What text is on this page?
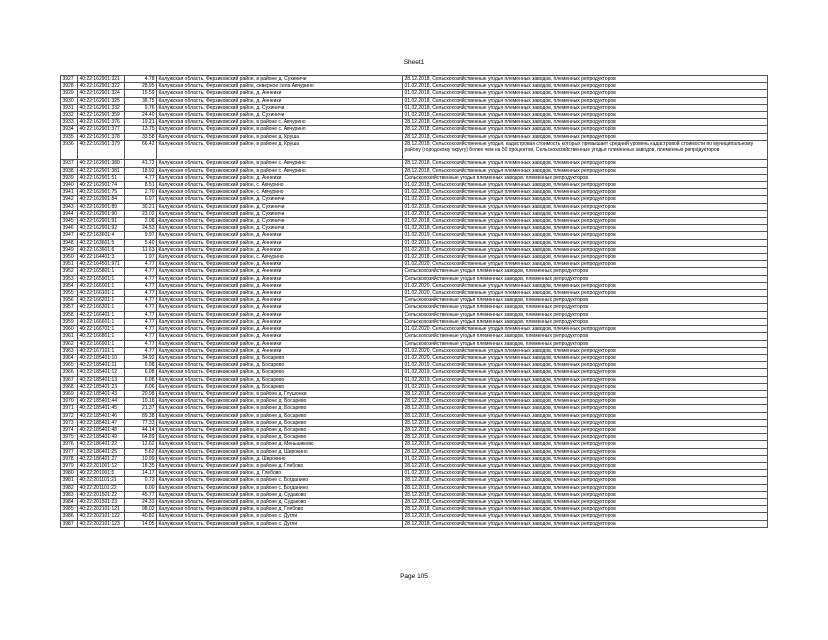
Sheet1
3927	40:22:162901:321	4.78	Калужская область, Ферзиковский район, в районе д. Сухиничи	28.12.2018, Сельскохозяйственные угодья племенных заводов, племенных репродукторов
3928	40:22:162901:322	28.95	Калужская область, Ферзиковский район, северное села Авчурино	01.02.2018, Сельскохозяйственные угодья племенных заводов, племенных репродукторов
3929	40:22:162901:324	15.59	Калужская область, Ферзиковский район, д. Аннеики	01.02.2018, Сельскохозяйственные угодья племенных заводов, племенных репродукторов
3930	40:22:162901:325	38.75	Калужская область, Ферзиковский район, д. Аннеики	01.02.2018, Сельскохозяйственные угодья племенных заводов, племенных репродукторов
3931	40:22:162901:332	9.76	Калужская область, Ферзиковский район, д. Сухиничи	01.02.2018, Сельскохозяйственные угодья племенных заводов, племенных репродукторов
3932	40:22:162901:359	24.40	Калужская область, Ферзиковский район, д. Сухиничи	01.02.2018, Сельскохозяйственные угодья племенных заводов, племенных репродукторов
3933	40:22:162901:376	19.21	Калужская область, Ферзиковский район, в районе с. Авчурино	28.12.2018, Сельскохозяйственные угодья племенных заводов, племенных репродукторов
3934	40:22:162901:377	13.75	Калужская область, Ферзиковский район, в районе с. Авчурино	28.12.2018, Сельскохозяйственные угодья племенных заводов, племенных репродукторов
3935	40:22:162901:378	33.58	Калужская область, Ферзиковский район, в районе д. Круша	28.12.2018, Сельскохозяйственные угодья племенных заводов, племенных репродукторов
3936	40:22:162901:379	66.42	Калужская область, Ферзиковский район, в районе д. Круша	28.12.2018, Сельскохозяйственные угодья, кадастровая стоимость которых превышает средний уровень кадастровой стоимости по муниципальному району (городскому округу) более чем на 50 процентов, Сельскохозяйственные угодья племенных заводов, племенных репродукторов
3937	40:22:162901:380	41.73	Калужская область, Ферзиковский район, в районе с. Авчурино	28.12.2018, Сельскохозяйственные угодья племенных заводов, племенных репродукторов
3938	40:22:162901:381	18.92	Калужская область, Ферзиковский район, в районе с. Авчурино	28.12.2018, Сельскохозяйственные угодья племенных заводов, племенных репродукторов
3939	40:22:162901:51	4.77	Калужская область, Ферзиковский район, д. Аннеики	Сельскохозяйственные угодья племенных заводов, племенных репродукторов
3940	40:22:162901:74	8.51	Калужская область, Ферзиковский район, с. Авчурино	01.02.2018, Сельскохозяйственные угодья племенных заводов, племенных репродукторов
3941	40:22:162901:75	2.70	Калужская область, Ферзиковский район, с. Авчурино	01.02.2018, Сельскохозяйственные угодья племенных заводов, племенных репродукторов
3942	40:22:162901:84	6.97	Калужская область, Ферзиковский район, д. Сухиничи	01.02.2019, Сельскохозяйственные угодья племенных заводов, племенных репродукторов
3943	40:22:162901:89	30.21	Калужская область, Ферзиковский район, д. Сухиничи	01.02.2018, Сельскохозяйственные угодья племенных заводов, племенных репродукторов
3944	40:22:162901:90	23.02	Калужская область, Ферзиковский район, д. Сухиничи	01.02.2018, Сельскохозяйственные угодья племенных заводов, племенных репродукторов
3945	40:22:162901:91	2.08	Калужская область, Ферзиковский район, д. Сухиничи	01.02.2018, Сельскохозяйственные угодья племенных заводов, племенных репродукторов
3946	40:22:162901:92	24.53	Калужская область, Ферзиковский район, д. Сухиничи	01.02.2018, Сельскохозяйственные угодья племенных заводов, племенных репродукторов
3947	40:22:163601:4	9.97	Калужская область, Ферзиковский район, д. Аннеики	01.02.2019, Сельскохозяйственные угодья племенных заводов, племенных репродукторов
3948	40:22:163601:5	5.40	Калужская область, Ферзиковский район, д. Аннеики	01.02.2019, Сельскохозяйственные угодья племенных заводов, племенных репродукторов
3949	40:22:163601:6	11.63	Калужская область, Ферзиковский район, д. Аннеики	01.02.2019, Сельскохозяйственные угодья племенных заводов, племенных репродукторов
3950	40:22:164401:3	1.97	Калужская область, Ферзиковский район, с. Авчурино	01.02.2018, Сельскохозяйственные угодья племенных заводов, племенных репродукторов
3951	40:22:164501:971	4.77	Калужская область, Ферзиковский район, д. Аннеики	01.02.2020, Сельскохозяйственные угодья племенных заводов, племенных репродукторов
3952	40:22:165801:1	4.77	Калужская область, Ферзиковский район, д. Аннеики	Сельскохозяйственные угодья племенных заводов, племенных репродукторов
3953	40:22:165901:1	4.77	Калужская область, Ферзиковский район, д. Аннеики	Сельскохозяйственные угодья племенных заводов, племенных репродукторов
3954	40:22:166001:1	4.77	Калужская область, Ферзиковский район, д. Аннеики	01.02.2020, Сельскохозяйственные угодья племенных заводов, племенных репродукторов
3955	40:22:166101:1	4.77	Калужская область, Ферзиковский район, д. Аннеики	01.02.2020, Сельскохозяйственные угодья племенных заводов, племенных репродукторов
3956	40:22:166201:1	4.77	Калужская область, Ферзиковский район, д. Аннеики	Сельскохозяйственные угодья племенных заводов, племенных репродукторов
3957	40:22:166301:1	4.77	Калужская область, Ферзиковский район, д. Аннеики	Сельскохозяйственные угодья племенных заводов, племенных репродукторов
3958	40:22:166401:1	4.77	Калужская область, Ферзиковский район, д. Аннеики	Сельскохозяйственные угодья племенных заводов, племенных репродукторов
3959	40:22:166601:1	4.77	Калужская область, Ферзиковский район, д. Аннеики	Сельскохозяйственные угодья племенных заводов, племенных репродукторов
3960	40:22:166701:1	4.77	Калужская область, Ферзиковский район, д. Аннеики	01.02.2020, Сельскохозяйственные угодья племенных заводов, племенных репродукторов
3961	40:22:166801:1	4.77	Калужская область, Ферзиковский район, д. Аннеики	Сельскохозяйственные угодья племенных заводов, племенных репродукторов
3962	40:22:166901:1	4.77	Калужская область, Ферзиковский район, д. Аннеики	Сельскохозяйственные угодья племенных заводов, племенных репродукторов
3963	40:22:167101:1	4.77	Калужская область, Ферзиковский район, д. Аннеики	01.02.2020, Сельскохозяйственные угодья племенных заводов, племенных репродукторов
3964	40:22:185401:10	34.92	Калужская область, Ферзиковский район, д. Босарево	01.02.2020, Сельскохозяйственные угодья племенных заводов, племенных репродукторов
3965	40:22:185401:11	6.98	Калужская область, Ферзиковский район, д. Босарево	01.02.2019, Сельскохозяйственные угодья племенных заводов, племенных репродукторов
3966	40:22:185401:12	6.98	Калужская область, Ферзиковский район, д. Босарево	01.02.2019, Сельскохозяйственные угодья племенных заводов, племенных репродукторов
3967	40:22:185401:13	6.98	Калужская область, Ферзиковский район, д. Босарево	01.02.2019, Сельскохозяйственные угодья племенных заводов, племенных репродукторов
3968	40:22:185401:23	8.06	Калужская область, Ферзиковский район, д. Босарево	01.02.2019, Сельскохозяйственные угодья племенных заводов, племенных репродукторов
3969	40:22:185401:43	20.98	Калужская область, Ферзиковский район, в районе д. Глушонки	28.12.2018, Сельскохозяйственные угодья племенных заводов, племенных репродукторов
3970	40:22:185401:44	10.18	Калужская область, Ферзиковский район, в районе д. Босарево	28.12.2018, Сельскохозяйственные угодья племенных заводов, племенных репродукторов
3971	40:22:185401:45	21.37	Калужская область, Ферзиковский район, в районе д. Босарево	28.12.2018, Сельскохозяйственные угодья племенных заводов, племенных репродукторов
3972	40:22:185401:46	89.38	Калужская область, Ферзиковский район, в районе д. Босарево	28.12.2018, Сельскохозяйственные угодья племенных заводов, племенных репродукторов
3973	40:22:185401:47	77.33	Калужская область, Ферзиковский район, в районе д. Босарево	28.12.2018, Сельскохозяйственные угодья племенных заводов, племенных репродукторов
3974	40:22:185401:48	44.14	Калужская область, Ферзиковский район, в районе д. Босарево	28.12.2018, Сельскохозяйственные угодья племенных заводов, племенных репродукторов
3975	40:22:185401:49	64.89	Калужская область, Ферзиковский район, в районе д. Босарево	28.12.2018, Сельскохозяйственные угодья племенных заводов, племенных репродукторов
3976	40:22:186401:22	12.62	Калужская область, Ферзиковский район, в районе д. Меньшиково	28.12.2018, Сельскохозяйственные угодья племенных заводов, племенных репродукторов
3977	40:22:186401:25	5.62	Калужская область, Ферзиковский район, в районе д. Широкино	28.12.2018, Сельскохозяйственные угодья племенных заводов, племенных репродукторов
3978	40:22:186401:27	10.99	Калужская область, Ферзиковский район, д. Широкино	01.02.2019, Сельскохозяйственные угодья племенных заводов, племенных репродукторов
3979	40:22:201001:12	18.35	Калужская область, Ферзиковский район, в районе д. Глебово	28.12.2018, Сельскохозяйственные угодья племенных заводов, племенных репродукторов
3980	40:22:201001:5	14.17	Калужская область, Ферзиковский район, д. Глебово	01.02.2019, Сельскохозяйственные угодья племенных заводов, племенных репродукторов
3981	40:22:201101:21	0.73	Калужская область, Ферзиковский район, в районе с. Богданино	28.12.2018, Сельскохозяйственные угодья племенных заводов, племенных репродукторов
3982	40:22:201101:22	6.00	Калужская область, Ферзиковский район, в районе с. Богданино	28.12.2018, Сельскохозяйственные угодья племенных заводов, племенных репродукторов
3983	40:22:201501:22	45.77	Калужская область, Ферзиковский район, в районе д. Судаково	28.12.2018, Сельскохозяйственные угодья племенных заводов, племенных репродукторов
3984	40:22:201501:23	24.33	Калужская область, Ферзиковский район, в районе д. Судаково	28.12.2018, Сельскохозяйственные угодья племенных заводов, племенных репродукторов
3985	40:22:202101:121	98.02	Калужская область, Ферзиковский район, в районе д. Глебово	28.12.2018, Сельскохозяйственные угодья племенных заводов, племенных репродукторов
3986	40:22:202101:122	40.82	Калужская область, Ферзиковский район, в районе с. Дугли	28.12.2018, Сельскохозяйственные угодья племенных заводов, племенных репродукторов
3987	40:22:202101:123	14.05	Калужская область, Ферзиковский район, в районе с. Дугли	28.12.2018, Сельскохозяйственные угодья племенных заводов, племенных репродукторов
Page 105
